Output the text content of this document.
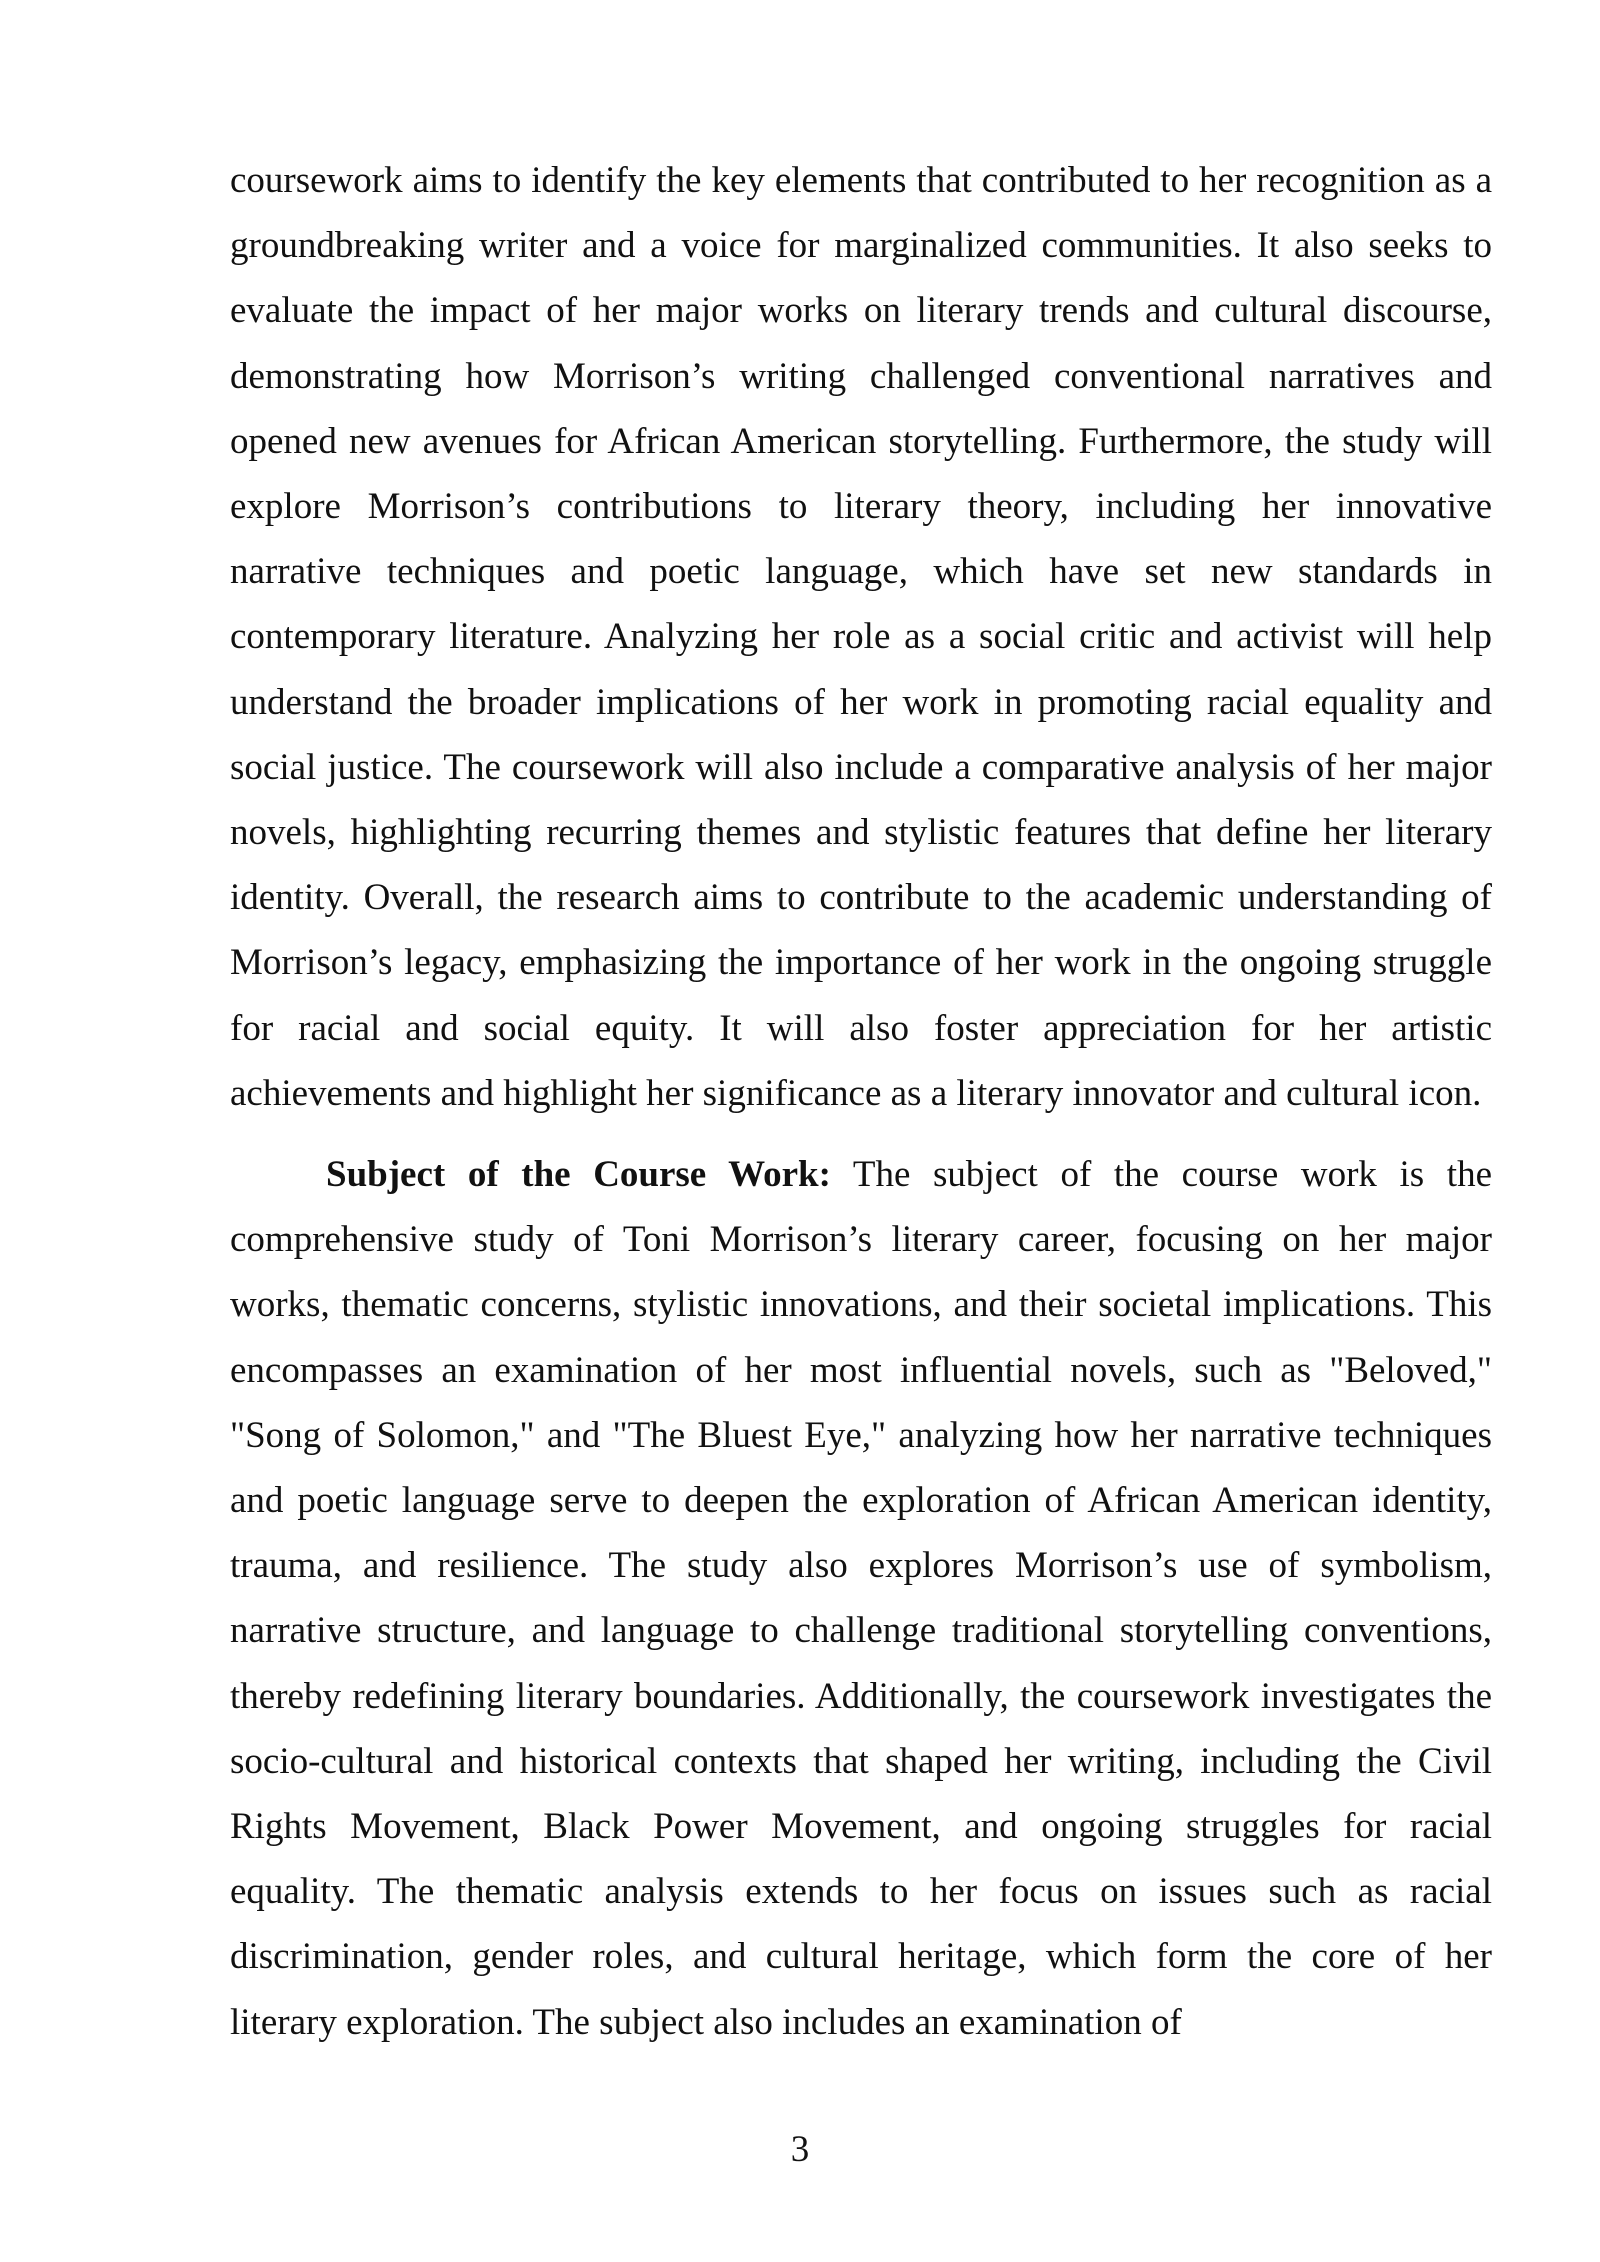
coursework aims to identify the key elements that contributed to her recognition as a groundbreaking writer and a voice for marginalized communities. It also seeks to evaluate the impact of her major works on literary trends and cultural discourse, demonstrating how Morrison’s writing challenged conventional narratives and opened new avenues for African American storytelling. Furthermore, the study will explore Morrison’s contributions to literary theory, including her innovative narrative techniques and poetic language, which have set new standards in contemporary literature. Analyzing her role as a social critic and activist will help understand the broader implications of her work in promoting racial equality and social justice. The coursework will also include a comparative analysis of her major novels, highlighting recurring themes and stylistic features that define her literary identity. Overall, the research aims to contribute to the academic understanding of Morrison’s legacy, emphasizing the importance of her work in the ongoing struggle for racial and social equity. It will also foster appreciation for her artistic achievements and highlight her significance as a literary innovator and cultural icon.

Subject of the Course Work: The subject of the course work is the comprehensive study of Toni Morrison’s literary career, focusing on her major works, thematic concerns, stylistic innovations, and their societal implications. This encompasses an examination of her most influential novels, such as "Beloved," "Song of Solomon," and "The Bluest Eye," analyzing how her narrative techniques and poetic language serve to deepen the exploration of African American identity, trauma, and resilience. The study also explores Morrison’s use of symbolism, narrative structure, and language to challenge traditional storytelling conventions, thereby redefining literary boundaries. Additionally, the coursework investigates the socio-cultural and historical contexts that shaped her writing, including the Civil Rights Movement, Black Power Movement, and ongoing struggles for racial equality. The thematic analysis extends to her focus on issues such as racial discrimination, gender roles, and cultural heritage, which form the core of her literary exploration. The subject also includes an examination of

3
